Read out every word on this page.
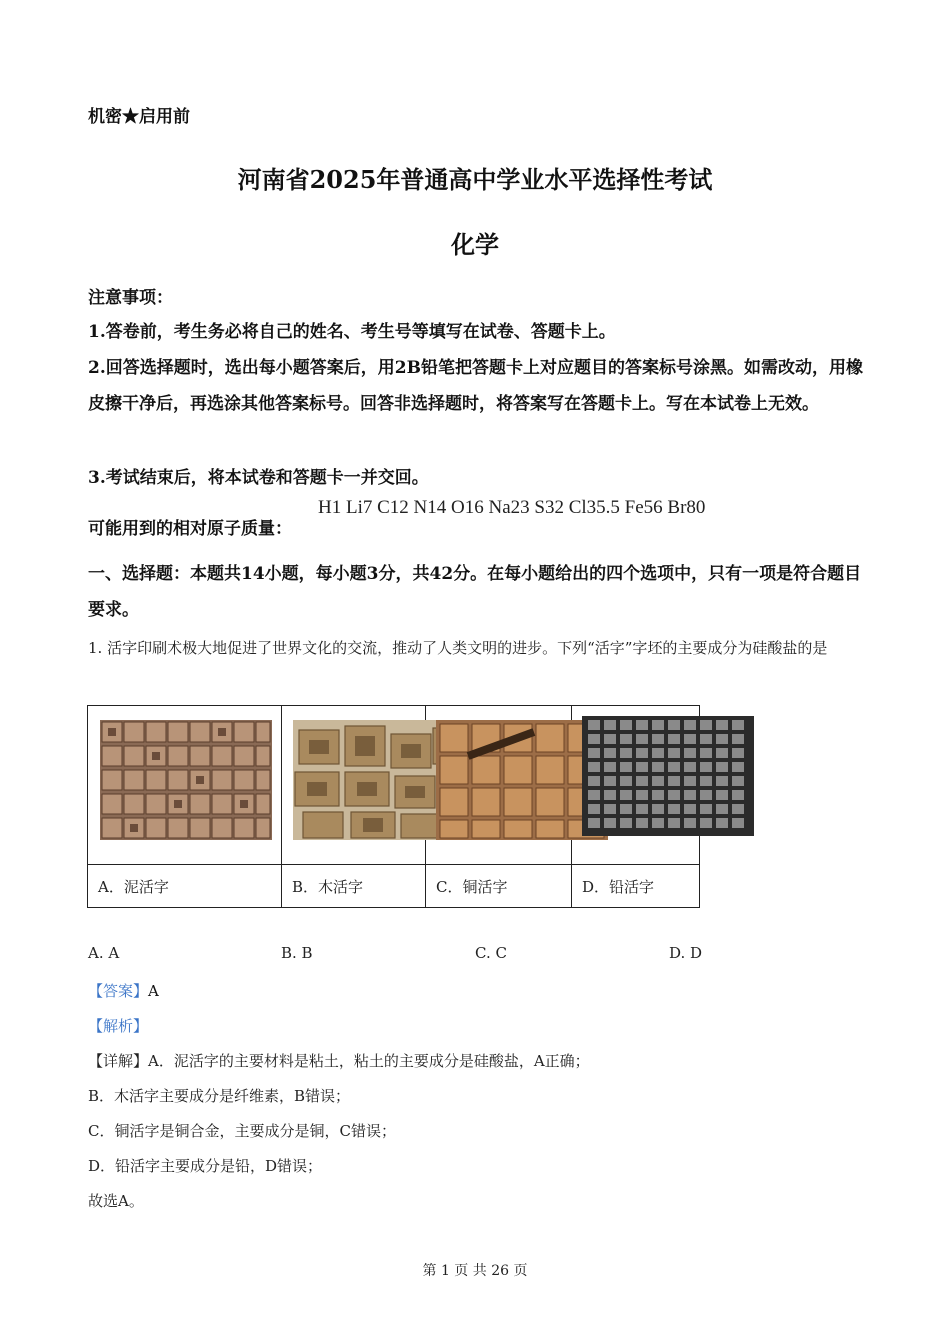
机密★启用前
河南省2025年普通高中学业水平选择性考试
化学
注意事项：
1.答卷前，考生务必将自己的姓名、考生号等填写在试卷、答题卡上。
2.回答选择题时，选出每小题答案后，用2B铅笔把答题卡上对应题目的答案标号涂黑。如需改动，用橡皮擦干净后，再选涂其他答案标号。回答非选择题时，将答案写在答题卡上。写在本试卷上无效。
3.考试结束后，将本试卷和答题卡一并交回。
可能用到的相对原子质量：
H1 Li7 C12 N14 O16 Na23 S32 Cl35.5 Fe56 Br80
一、选择题：本题共14小题，每小题3分，共42分。在每小题给出的四个选项中，只有一项是符合题目要求。
1. 活字印刷术极大地促进了世界文化的交流，推动了人类文明的进步。下列“活字”字坯的主要成分为硅酸盐的是

A．泥活字	B．木活字	C．铜活字	D．铅活字
A. A	B. B	C. C	D. D
【答案】A
【解析】
【详解】A．泥活字的主要材料是粘土，粘土的主要成分是硅酸盐，A正确；
B．木活字主要成分是纤维素，B错误；
C．铜活字是铜合金，主要成分是铜，C错误；
D．铅活字主要成分是铅，D错误；
故选A。
第 1 页 共 26 页
